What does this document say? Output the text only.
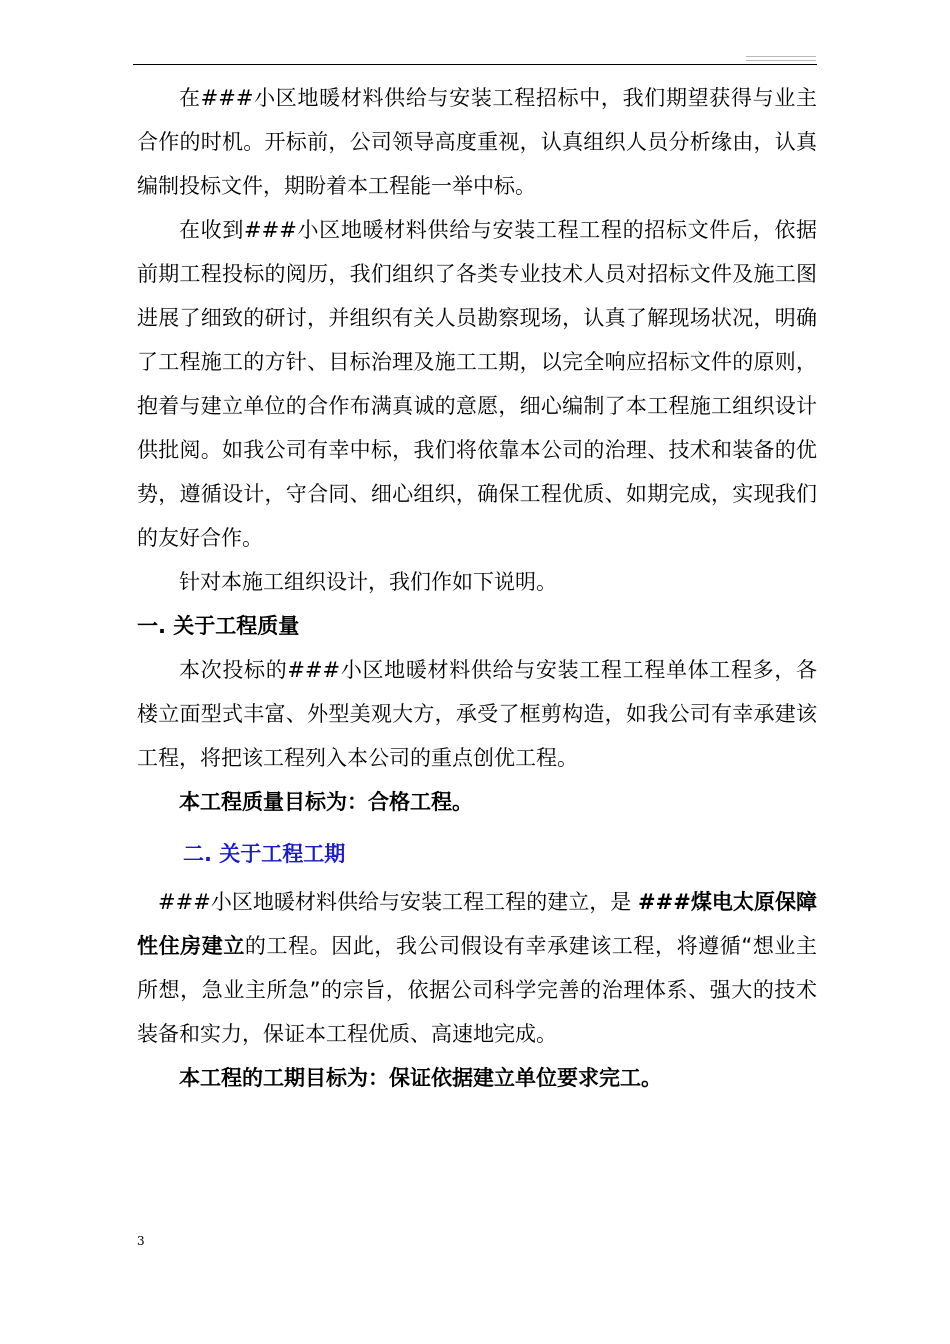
在###小区地暖材料供给与安装工程招标中，我们期望获得与业主合作的时机。开标前，公司领导高度重视，认真组织人员分析缘由，认真编制投标文件，期盼着本工程能一举中标。

在收到###小区地暖材料供给与安装工程工程的招标文件后，依据前期工程投标的阅历，我们组织了各类专业技术人员对招标文件及施工图进展了细致的研讨，并组织有关人员勘察现场，认真了解现场状况，明确了工程施工的方针、目标治理及施工工期，以完全响应招标文件的原则，抱着与建立单位的合作布满真诚的意愿，细心编制了本工程施工组织设计供批阅。如我公司有幸中标，我们将依靠本公司的治理、技术和装备的优势，遵循设计，守合同、细心组织，确保工程优质、如期完成，实现我们的友好合作。

针对本施工组织设计，我们作如下说明。

一. 关于工程质量

本次投标的###小区地暖材料供给与安装工程工程单体工程多，各楼立面型式丰富、外型美观大方，承受了框剪构造，如我公司有幸承建该工程，将把该工程列入本公司的重点创优工程。

本工程质量目标为：合格工程。

二. 关于工程工期

###小区地暖材料供给与安装工程工程的建立，是 ###煤电太原保障性住房建立的工程。因此，我公司假设有幸承建该工程，将遵循“想业主所想，急业主所急”的宗旨，依据公司科学完善的治理体系、强大的技术装备和实力，保证本工程优质、高速地完成。

本工程的工期目标为：保证依据建立单位要求完工。

3
